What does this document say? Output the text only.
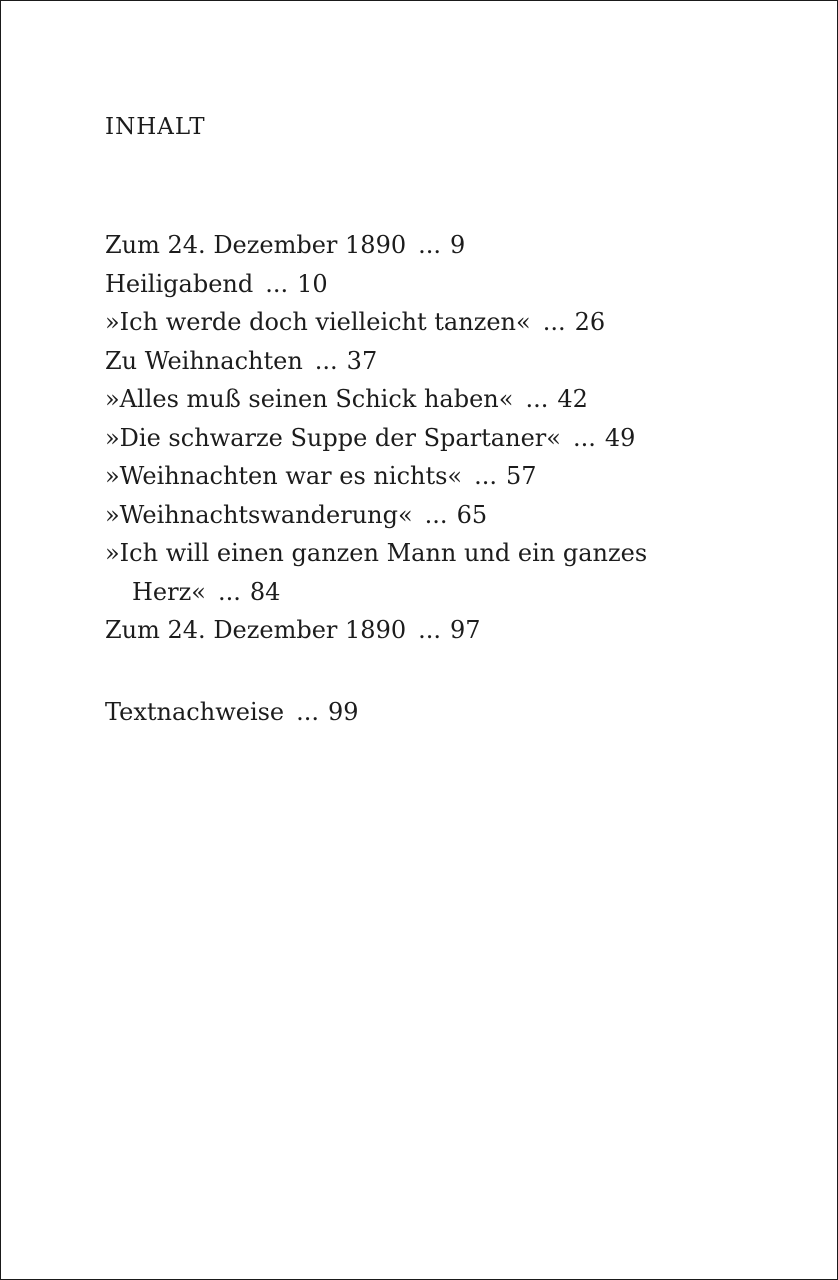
INHALT
Zum 24. Dezember 1890 ... 9
Heiligabend ... 10
»Ich werde doch vielleicht tanzen« ... 26
Zu Weihnachten ... 37
»Alles muß seinen Schick haben« ... 42
»Die schwarze Suppe der Spartaner« ... 49
»Weihnachten war es nichts« ... 57
»Weihnachtswanderung« ... 65
»Ich will einen ganzen Mann und ein ganzes
Herz« ... 84
Zum 24. Dezember 1890 ... 97
Textnachweise ... 99
